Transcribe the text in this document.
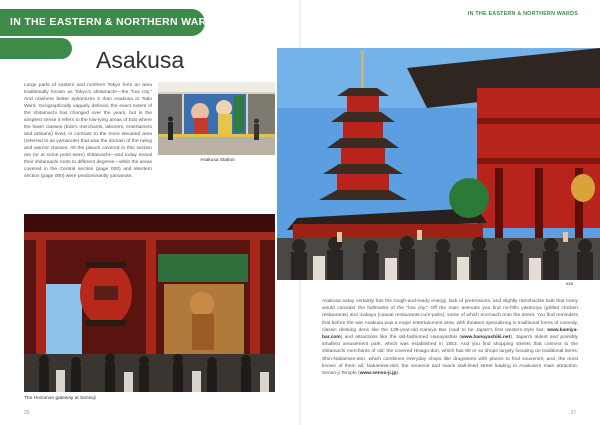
IN THE EASTERN & NORTHERN WARDS
IN THE EASTERN & NORTHERN WARDS
Asakusa
Large parts of eastern and northern Tokyo form an area traditionally known as Tokyo's shitamachi—the "low city." And nowhere better epitomizes it than Asakusa in Taito Ward. Geographically vaguely defined, the exact extent of the shitamachi has changed over the years, but in the simplest sense it refers to the low-lying areas of Edo where the lower classes (Edo's merchants, laborers, entertainers and artisans) lived, in contrast to the more elevated area (referred to as yamanote) that was the domain of the ruling and warrior classes. All the places covered in this section are (or at some point were) shitamachi—and today reveal their shitamachi roots to different degrees—while the areas covered in the Central section (page 000) and Western section (page 000) were predominantly yamanote.
Asakusa Station
The Hozomon gateway at Sensoji
xxx
Asakusa today certainly has the rough-and-ready energy, lack of pretensions, and slightly ramshackle look that many would consider the hallmarks of the "low city." Off the main avenues you find no-frills yakitoriya (grilled chicken restaurants) and izakaya (casual restaurants-cum-pubs), some of which encroach onto the street. You find reminders that before the war Asakusa was a major entertainment area, with theaters specializing in traditional forms of comedy, classic drinking dens like the 138-year-old Kamiya Bar (said to be Japan's first western-style bar; www.kamiya-bar.com) and attractions like the old-fashioned Hanayashiki (www.hanayashiki.net), Japan's oldest and possibly smallest amusement park, which was established in 1853. And you find shopping streets that connect to the shitamachi merchants of old: the covered Hisago-dori, which has 80 or so shops largely focusing on traditional items; Shin-Nakamise-dori, which combines everyday shops like drugstores with places to find souvenirs; and, the most known of them all, Nakamise-dori, the souvenir and snack stall-lined street leading to Asakusa's main attraction, Senso-ji Temple (www.senso-ji.jp).
26	27
